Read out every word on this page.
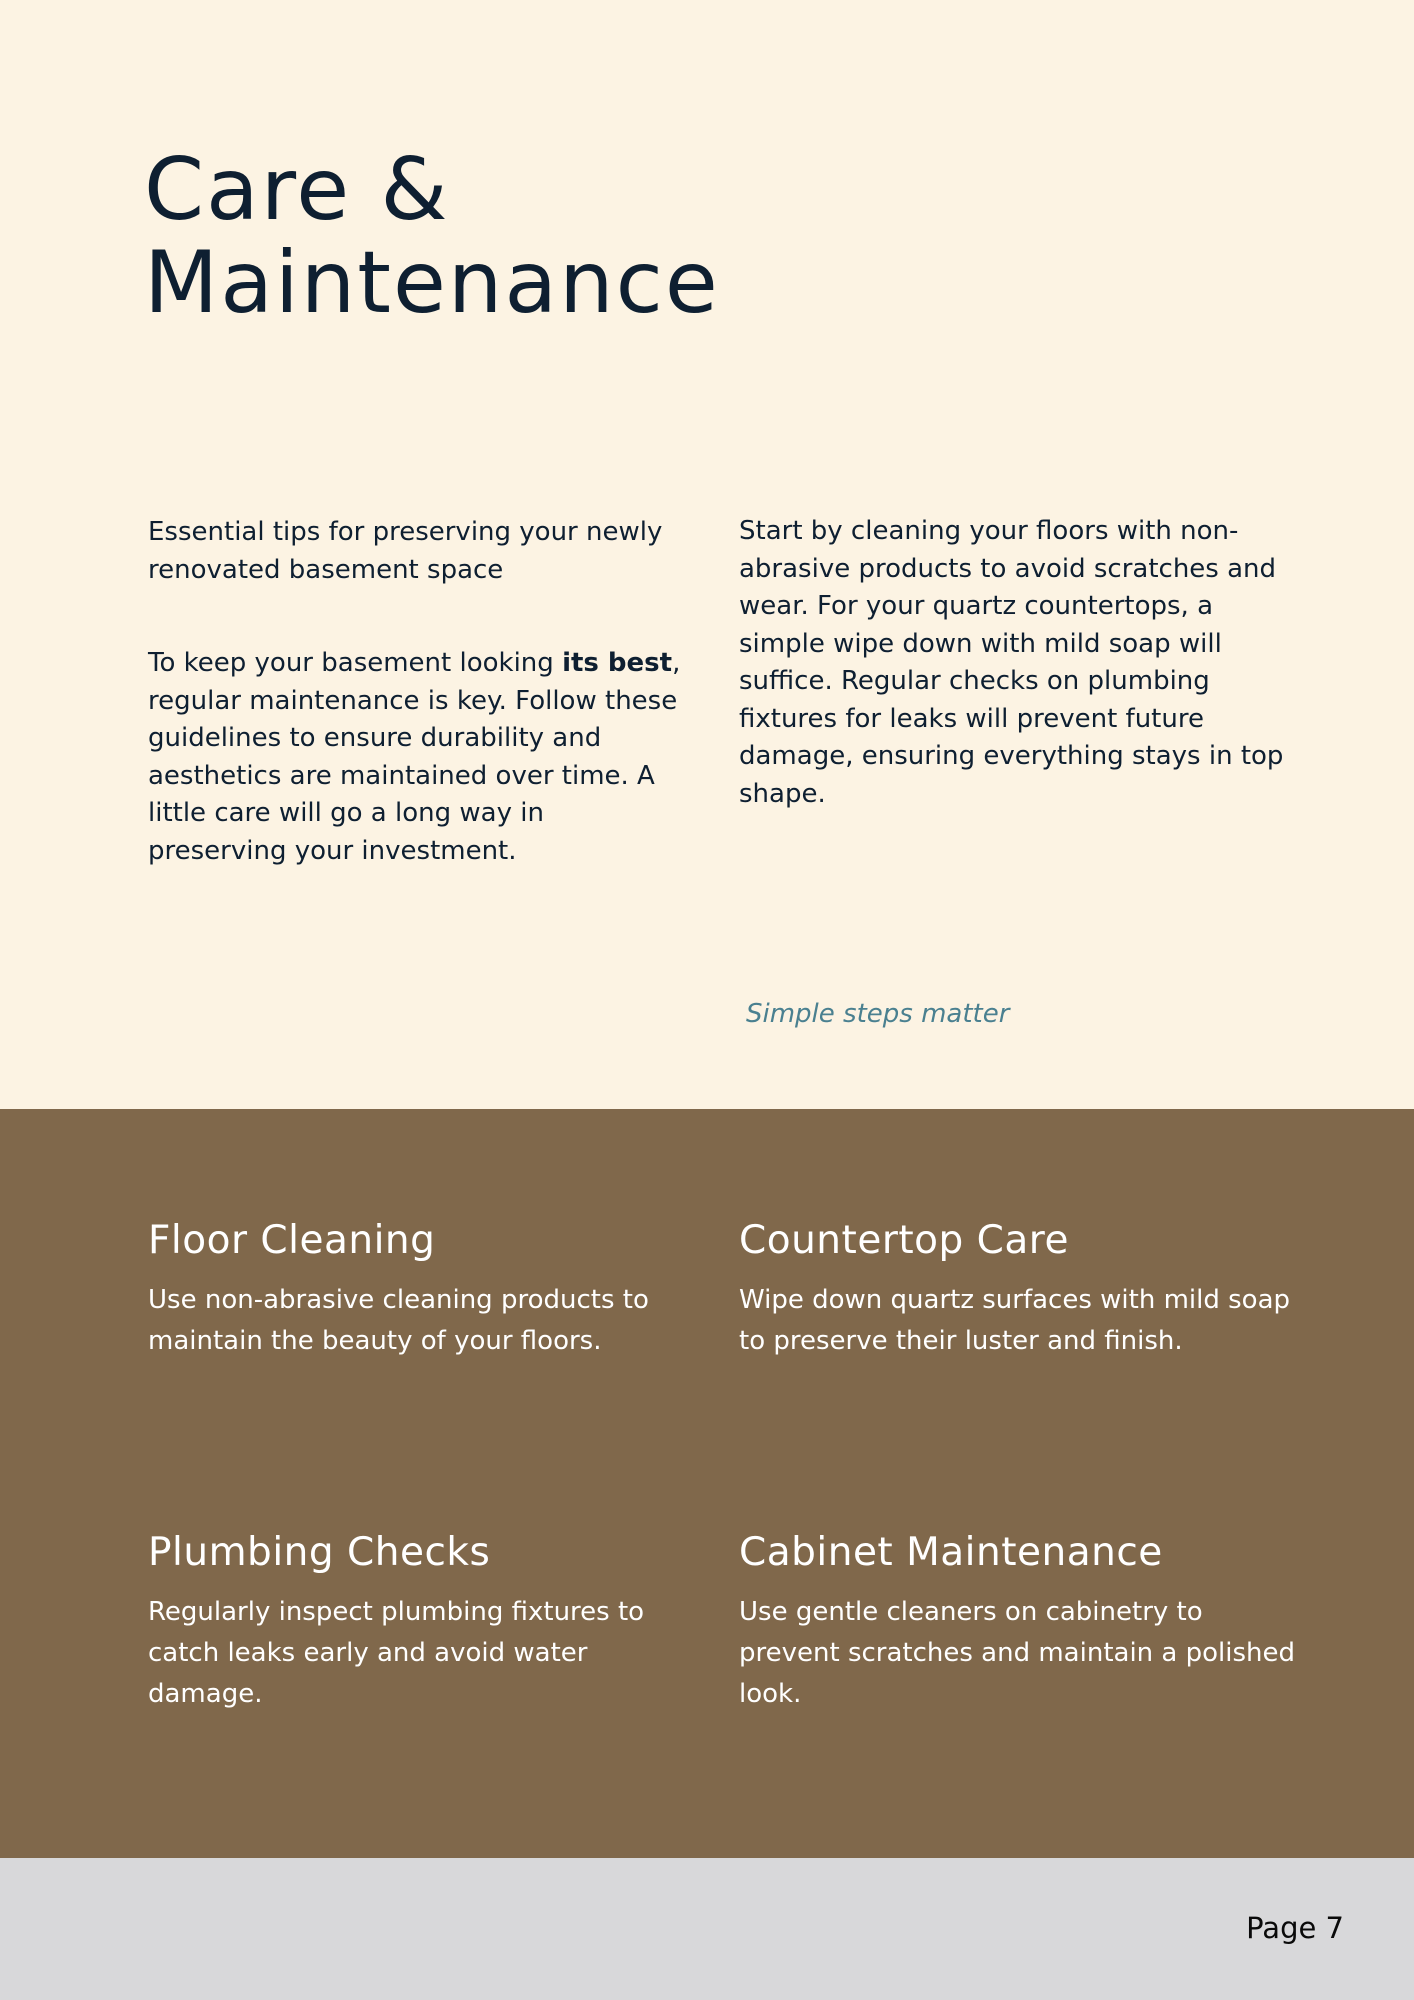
Care &
Maintenance

Essential tips for preserving your newly renovated basement space

To keep your basement looking its best, regular maintenance is key. Follow these guidelines to ensure durability and aesthetics are maintained over time. A little care will go a long way in preserving your investment.

Start by cleaning your floors with non-abrasive products to avoid scratches and wear. For your quartz countertops, a simple wipe down with mild soap will suffice. Regular checks on plumbing fixtures for leaks will prevent future damage, ensuring everything stays in top shape.

Simple steps matter

Floor Cleaning

Use non-abrasive cleaning products to maintain the beauty of your floors.

Countertop Care

Wipe down quartz surfaces with mild soap to preserve their luster and finish.

Plumbing Checks

Regularly inspect plumbing fixtures to catch leaks early and avoid water damage.

Cabinet Maintenance

Use gentle cleaners on cabinetry to prevent scratches and maintain a polished look.

Page 7
